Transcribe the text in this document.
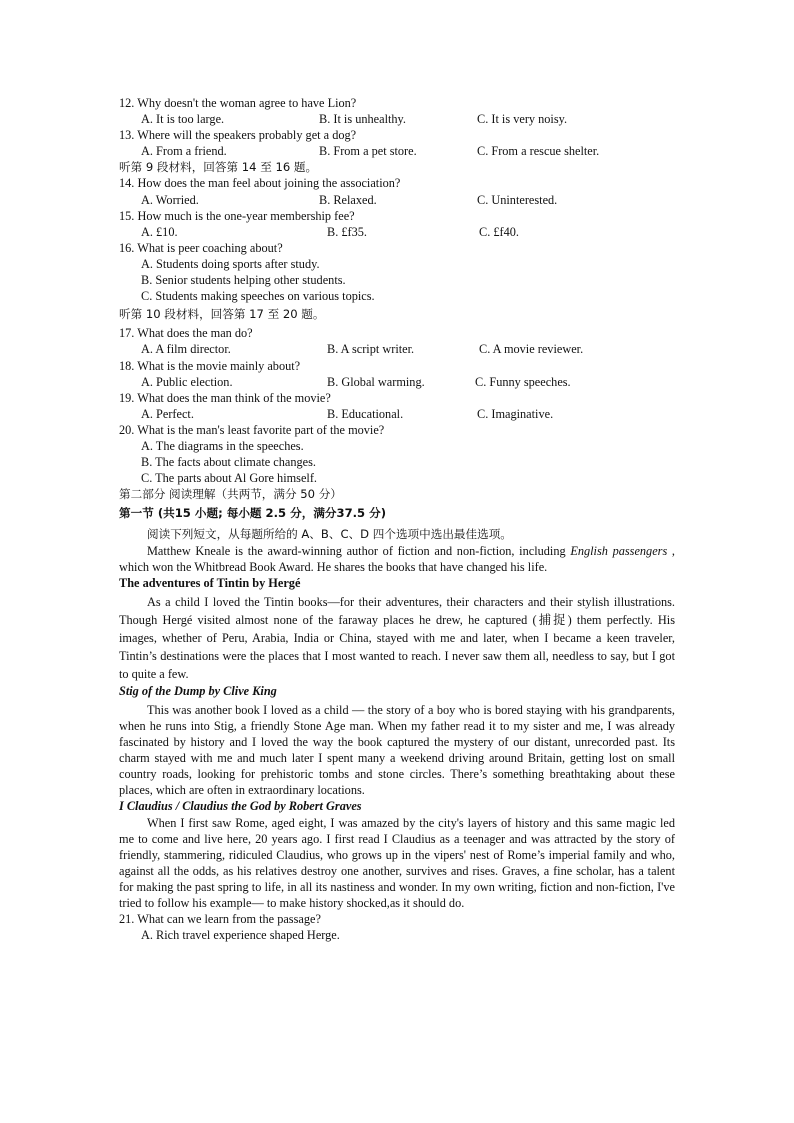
12. Why doesn't the woman agree to have Lion?
A. It is too large.	B. It is unhealthy.	C. It is very noisy.
13. Where will the speakers probably get a dog?
A. From a friend.	B. From a pet store.	C. From a rescue shelter.
听第 9 段材料，回答第 14 至 16 题。
14. How does the man feel about joining the association?
A. Worried.	B. Relaxed.	C. Uninterested.
15. How much is the one-year membership fee?
A. £10.	B. £f35.	C. £f40.
16. What is peer coaching about?
A. Students doing sports after study.
B. Senior students helping other students.
C. Students making speeches on various topics.
听第 10 段材料，回答第 17 至 20 题。
17. What does the man do?
A. A film director.	B. A script writer.	C. A movie reviewer.
18. What is the movie mainly about?
A. Public election.	B. Global warming.	C. Funny speeches.
19. What does the man think of the movie?
A. Perfect.	B. Educational.	C. Imaginative.
20. What is the man's least favorite part of the movie?
A. The diagrams in the speeches.
B. The facts about climate changes.
C. The parts about Al Gore himself.
第二部分 阅读理解（共两节，满分 50 分）
第一节 (共15 小题; 每小题 2.5 分，满分37.5 分)
阅读下列短文，从每题所给的 A、B、C、D 四个选项中选出最佳选项。

Matthew Kneale is the award-winning author of fiction and non-fiction, including English passengers , which won the Whitbread Book Award. He shares the books that have changed his life.

The adventures of Tintin by Hergé

As a child I loved the Tintin books—for their adventures, their characters and their stylish illustrations. Though Hergé visited almost none of the faraway places he drew, he captured (捕捉) them perfectly. His images, whether of Peru, Arabia, India or China, stayed with me and later, when I became a keen traveler, Tintin’s destinations were the places that I most wanted to reach. I never saw them all, needless to say, but I got to quite a few.

Stig of the Dump by Clive King

This was another book I loved as a child — the story of a boy who is bored staying with his grandparents, when he runs into Stig, a friendly Stone Age man. When my father read it to my sister and me, I was already fascinated by history and I loved the way the book captured the mystery of our distant, unrecorded past. Its charm stayed with me and much later I spent many a weekend driving around Britain, getting lost on small country roads, looking for prehistoric tombs and stone circles. There’s something breathtaking about these places, which are often in extraordinary locations.

I Claudius / Claudius the God by Robert Graves

When I first saw Rome, aged eight, I was amazed by the city's layers of history and this same magic led me to come and live here, 20 years ago. I first read I Claudius as a teenager and was attracted by the story of friendly, stammering, ridiculed Claudius, who grows up in the vipers' nest of Rome’s imperial family and who, against all the odds, as his relatives destroy one another, survives and rises. Graves, a fine scholar, has a talent for making the past spring to life, in all its nastiness and wonder. In my own writing, fiction and non-fiction, I've tried to follow his example— to make history shocked,as it should do.

21. What can we learn from the passage?
A. Rich travel experience shaped Herge.
